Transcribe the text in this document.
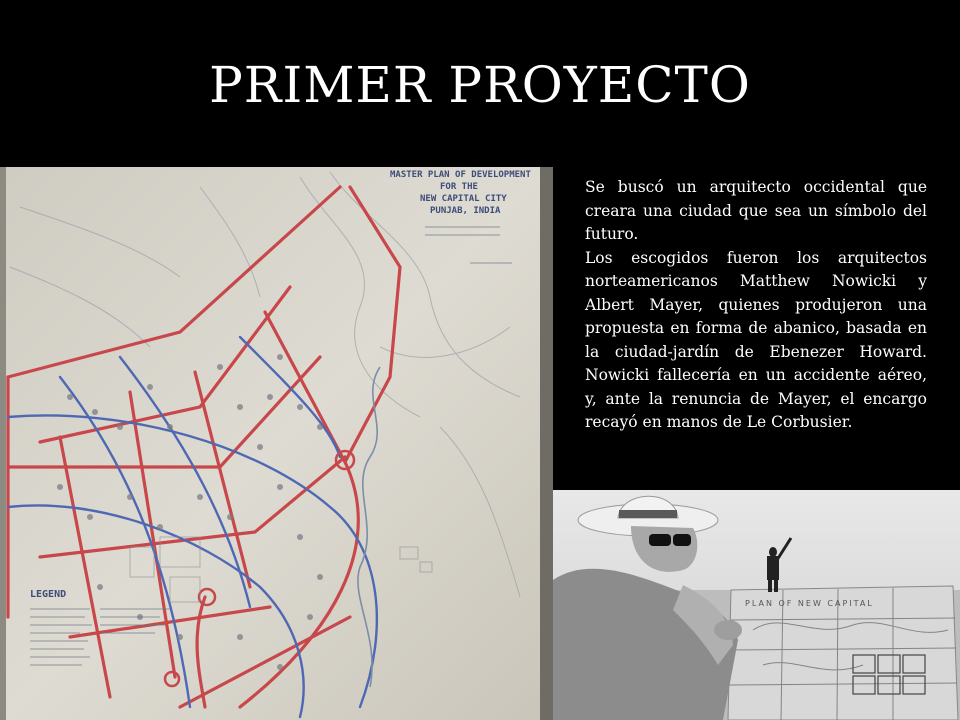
PRIMER PROYECTO
MASTER PLAN OF DEVELOPMENT
FOR THE
NEW CAPITAL CITY
PUNJAB, INDIA
LEGEND

Se buscó un arquitecto occidental que creara una ciudad que sea un símbolo del futuro.

Los escogidos fueron los arquitectos norteamericanos Matthew Nowicki y Albert Mayer, quienes produjeron una propuesta en forma de abanico, basada en la ciudad-jardín de Ebenezer Howard. Nowicki fallecería en un accidente aéreo, y, ante la renuncia de Mayer, el encargo recayó en manos de Le Corbusier.

PLAN OF NEW CAPITAL
